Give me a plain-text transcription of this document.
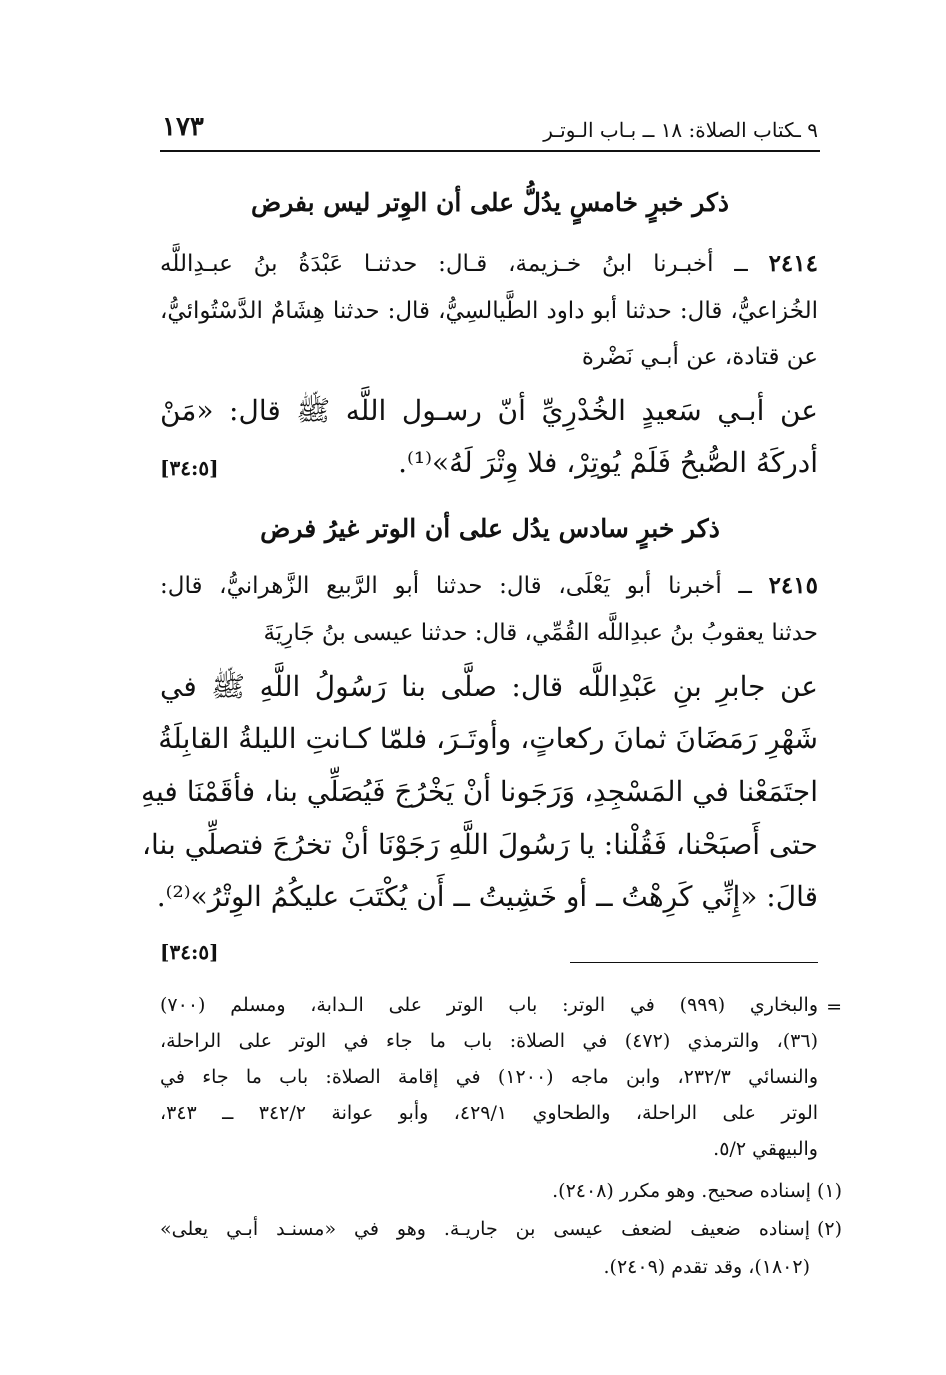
٩ ـكتاب الصلاة: ١٨ ــ بـاب الـوتـر
١٧٣
ذكر خبرٍ خامسٍ يدُلُّ على أن الوِتر ليس بفرض
٢٤١٤ ــ أخبـرنا ابنُ خـزيمة، قـال: حدثنـا عَبْدَةُ بنُ عبـدِاللَّه
الخُزاعيُّ، قال: حدثنا أبو داود الطَّيالسِيُّ، قال: حدثنا هِشَامٌ الدَّسْتُوائيُّ،
عن قتادة، عن أبـي نَضْرة
عن أبـي سَعيدٍ الخُدْرِيِّ أنّ رسـول اللَّه ﷺ قال: «مَنْ
أدركَهُ الصُّبحُ فَلَمْ يُوتِرْ، فلا وِتْرَ لَهُ»⁽¹⁾.
[٣٤:٥]
ذكر خبرٍ سادس يدُل على أن الوتر غيرُ فرض
٢٤١٥ ــ أخبرنا أبو يَعْلَى، قال: حدثنا أبو الرَّبيع الزَّهرانيُّ، قال:
حدثنا يعقوبُ بنُ عبدِاللَّه القُمِّي، قال: حدثنا عيسى بنُ جَارِيَةَ
عن جابرِ بنِ عَبْدِاللَّه قال: صلَّى بنا رَسُولُ اللَّهِ ﷺ في
شَهْرِ رَمَضَانَ ثمانَ ركعاتٍ، وأوتَـرَ، فلمّا كـانتِ الليلةُ القابِلَةُ
اجتَمَعْنا في المَسْجِدِ، وَرَجَونا أنْ يَخْرُجَ فَيُصَلِّي بنا، فأقَمْنَا فيهِ
حتى أَصبَحْنا، فَقُلْنا: يا رَسُولَ اللَّهِ رَجَوْنَا أنْ تخرُجَ فتصلِّي بنا،
قالَ: «إِنِّي كَرِهْتُ ــ أو خَشِيتُ ــ أَن يُكْتَبَ عليكُمُ الوِتْرُ»⁽²⁾.
[٣٤:٥]
=
والبخاري (٩٩٩) في الوتر: باب الوتر على الـدابة، ومسلم (٧٠٠)
(٣٦)، والترمذي (٤٧٢) في الصلاة: باب ما جاء في الوتر على الراحلة،
والنسائي ٢٣٢/٣، وابن ماجه (١٢٠٠) في إقامة الصلاة: باب ما جاء في
الوتر على الراحلة، والطحاوي ٤٢٩/١، وأبو عوانة ٣٤٢/٢ ــ ٣٤٣،
والبيهقي ٥/٢.
(١) إسناده صحيح. وهو مكرر (٢٤٠٨).
(٢)
إسناده ضعيف لضعف عيسى بن جاريـة. وهو في «مسنـد أبـي يعلى»
(١٨٠٢)، وقد تقدم (٢٤٠٩).
